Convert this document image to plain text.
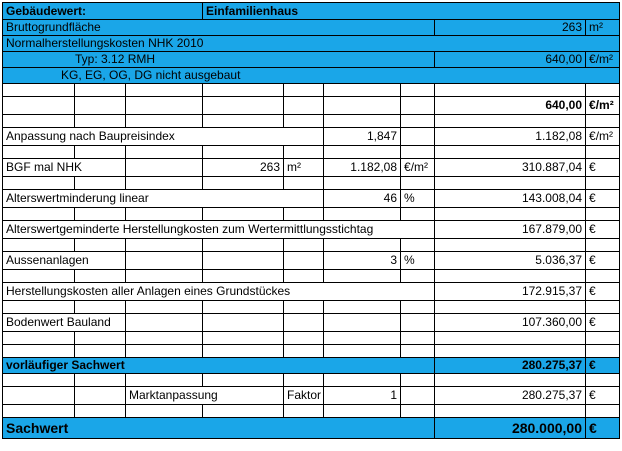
Gebäudewert:			Einfamilienhaus					
Bruttogrundfläche							263	m²
Normalherstellungskosten NHK 2010								
Typ: 3.12 RMH							640,00	€/m²
KG, EG, OG, DG nicht ausgebaut								

							640,00	€/m²

Anpassung nach Baupreisindex					1,847		1.182,08	€/m²

BGF mal NHK			263	m²	1.182,08	€/m²	310.887,04	€

Alterswertminderung linear					46	%	143.008,04	€

Alterswertgeminderte Herstellungkosten zum Wertermittlungsstichtag							167.879,00	€

Aussenanlagen					3	%	5.036,37	€

Herstellungskosten aller Anlagen eines Grundstückes							172.915,37	€

Bodenwert Bauland							107.360,00	€

vorläufiger Sachwert							280.275,37	€

		Marktanpassung		Faktor	1		280.275,37	€

Sachwert							280.000,00	€
